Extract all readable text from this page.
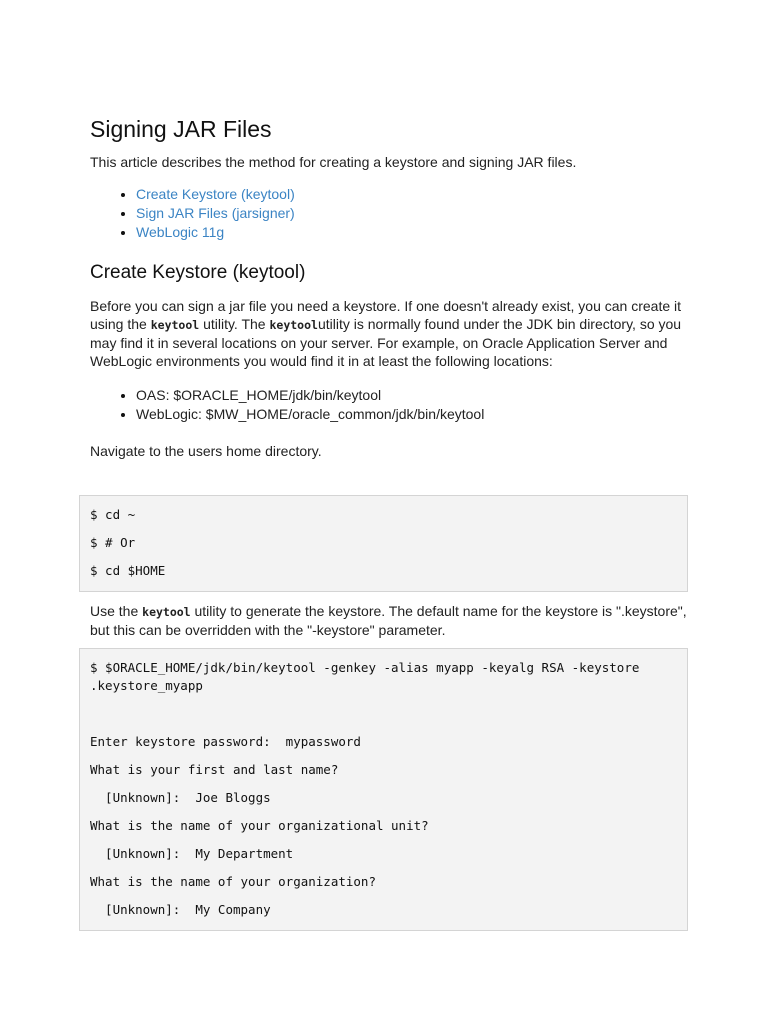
Signing JAR Files

This article describes the method for creating a keystore and signing JAR files.

• Create Keystore (keytool)
• Sign JAR Files (jarsigner)
• WebLogic 11g
Create Keystore (keytool)

Before you can sign a jar file you need a keystore. If one doesn't already exist, you can create it using the keytool utility. The keytoolutility is normally found under the JDK bin directory, so you may find it in several locations on your server. For example, on Oracle Application Server and WebLogic environments you would find it in at least the following locations:

• OAS: $ORACLE_HOME/jdk/bin/keytool
• WebLogic: $MW_HOME/oracle_common/jdk/bin/keytool

Navigate to the users home directory.

$ cd ~
$ # Or
$ cd $HOME

Use the keytool utility to generate the keystore. The default name for the keystore is ".keystore", but this can be overridden with the "-keystore" parameter.

$ $ORACLE_HOME/jdk/bin/keytool -genkey -alias myapp -keyalg RSA -keystore
.keystore_myapp
Enter keystore password:  mypassword
What is your first and last name?
[Unknown]:  Joe Bloggs
What is the name of your organizational unit?
[Unknown]:  My Department
What is the name of your organization?
[Unknown]:  My Company
